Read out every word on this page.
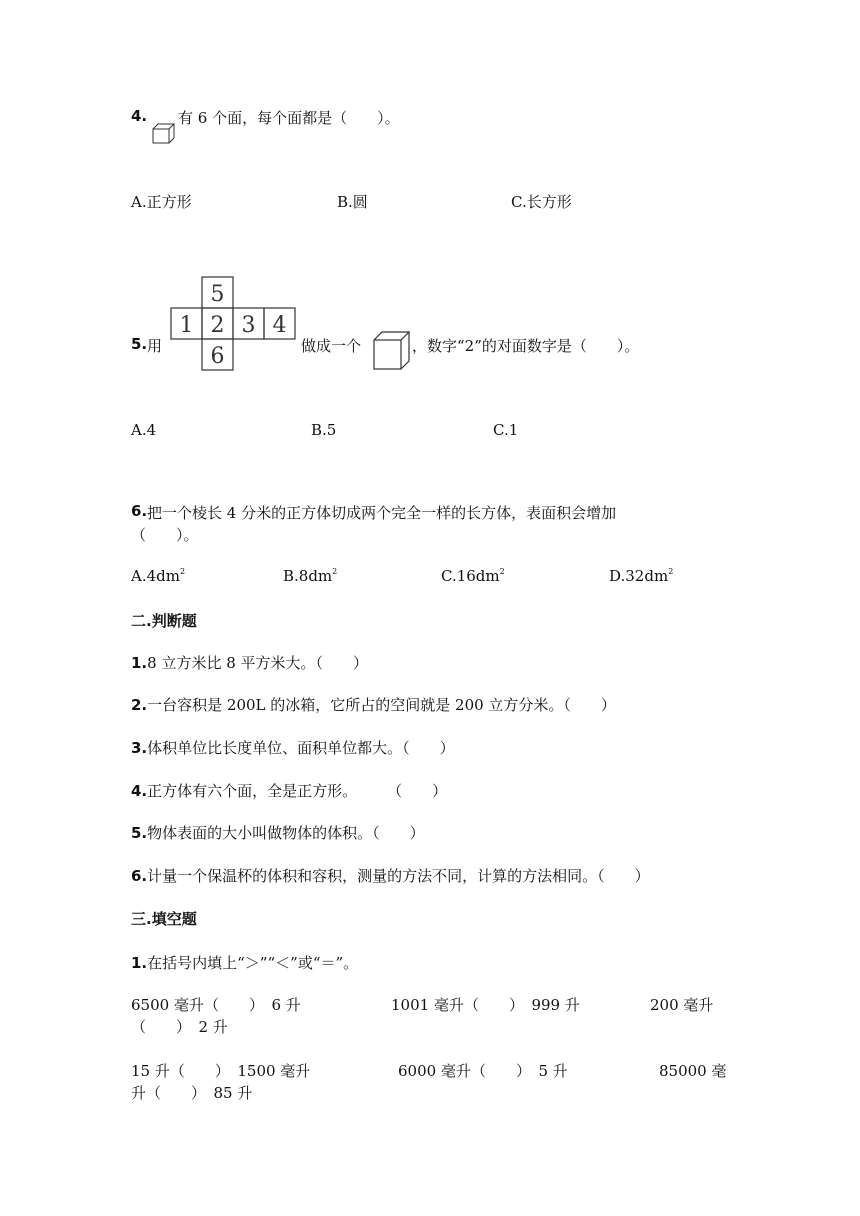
4. 有 6 个面，每个面都是（　　）。
A.正方形	B.圆	C.长方形
5. 用
5
1 2 3 4
6	做成一个	，数字“2”的对面数字是（　　）。
A.4	B.5	C.1
6. 把一个棱长 4 分米的正方体切成两个完全一样的长方体，表面积会增加
（　　）。
$A.4dm^2$	$B.8dm^2$	$C.16dm^2$	$D.32dm^2$
二.判断题
1.8 立方米比 8 平方米大。（　　）
2.一台容积是 200L 的冰箱，它所占的空间就是 200 立方分米。（　　）
3.体积单位比长度单位、面积单位都大。（　　）
4.正方体有六个面，全是正方形。　　　（　　）
5.物体表面的大小叫做物体的体积。（　　）
6.计量一个保温杯的体积和容积，测量的方法不同，计算的方法相同。（　　）
三.填空题
1.在括号内填上“＞”“＜”或“＝”。
6500 毫升（　　）　6 升	1001 毫升（　　）　999 升	200 毫升
（　　）　2 升
15 升（　　）　1500 毫升	6000 毫升（　　）　5 升	85000 毫
升（　　）　85 升
